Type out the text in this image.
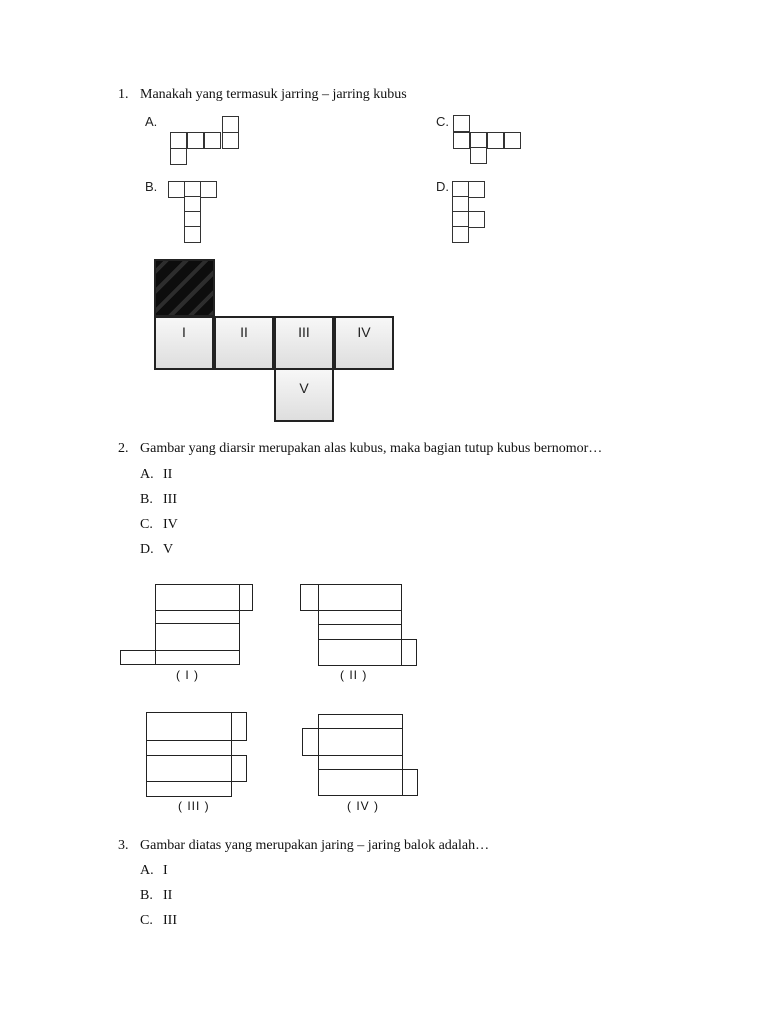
1. Manakah yang termasuk jarring – jarring kubus
A.	C.
B.	D.
I	II	III	IV
V
2. Gambar yang diarsir merupakan alas kubus, maka bagian tutup kubus bernomor…
A. II
B. III
C. IV
D. V
( I )	( II )
( III )	( IV )
3. Gambar diatas yang merupakan jaring – jaring balok adalah…
A. I
B. II
C. III
